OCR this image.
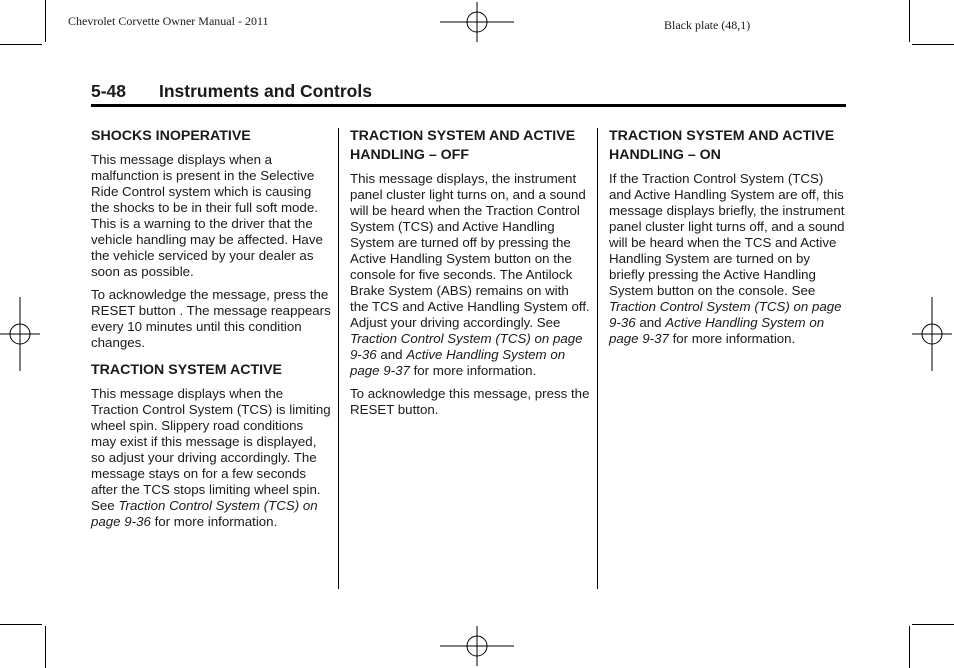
Chevrolet Corvette Owner Manual - 2011	Black plate (48,1)
5-48 Instruments and Controls
SHOCKS INOPERATIVE

This message displays when a malfunction is present in the Selective Ride Control system which is causing the shocks to be in their full soft mode. This is a warning to the driver that the vehicle handling may be affected. Have the vehicle serviced by your dealer as soon as possible.

To acknowledge the message, press the RESET button . The message reappears every 10 minutes until this condition changes.

TRACTION SYSTEM ACTIVE

This message displays when the Traction Control System (TCS) is limiting wheel spin. Slippery road conditions may exist if this message is displayed, so adjust your driving accordingly. The message stays on for a few seconds after the TCS stops limiting wheel spin. See Traction Control System (TCS) on page 9‑36 for more information.

TRACTION SYSTEM AND ACTIVE HANDLING – OFF

This message displays, the instrument panel cluster light turns on, and a sound will be heard when the Traction Control System (TCS) and Active Handling System are turned off by pressing the Active Handling System button on the console for five seconds. The Antilock Brake System (ABS) remains on with the TCS and Active Handling System off. Adjust your driving accordingly. See Traction Control System (TCS) on page 9‑36 and Active Handling System on page 9‑37 for more information.

To acknowledge this message, press the RESET button.

TRACTION SYSTEM AND ACTIVE HANDLING – ON

If the Traction Control System (TCS) and Active Handling System are off, this message displays briefly, the instrument panel cluster light turns off, and a sound will be heard when the TCS and Active Handling System are turned on by briefly pressing the Active Handling System button on the console. See Traction Control System (TCS) on page 9‑36 and Active Handling System on page 9‑37 for more information.
